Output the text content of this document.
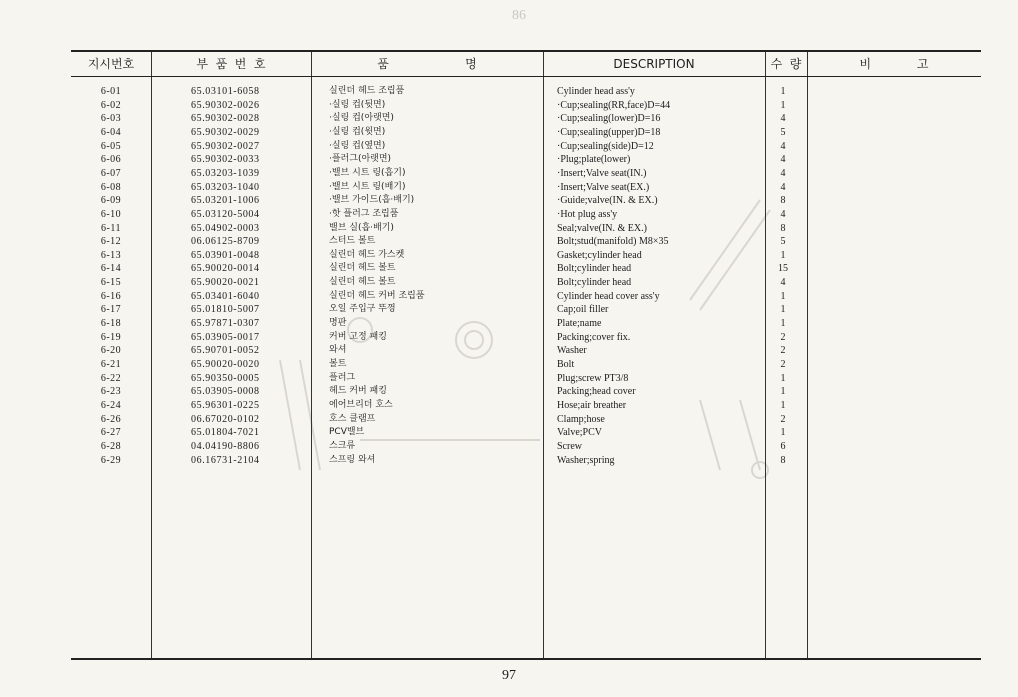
86
지시번호	부  품  번  호	품                    명	DESCRIPTION	수  량	비            고
6-01	65.03101-6058	실린더 헤드 조립품	Cylinder head ass'y	1
6-02	65.90302-0026	·실링 컵(뒷면)	·Cup;sealing(RR,face)D=44	1
6-03	65.90302-0028	·실링 컵(아랫면)	·Cup;sealing(lower)D=16	4
6-04	65.90302-0029	·실링 컵(윗면)	·Cup;sealing(upper)D=18	5
6-05	65.90302-0027	·실링 컵(옆면)	·Cup;sealing(side)D=12	4
6-06	65.90302-0033	·플러그(아랫면)	·Plug;plate(lower)	4
6-07	65.03203-1039	·밸브 시트 링(흡기)	·Insert;Valve seat(IN.)	4
6-08	65.03203-1040	·밸브 시트 링(배기)	·Insert;Valve seat(EX.)	4
6-09	65.03201-1006	·밸브 가이드(흡·배기)	·Guide;valve(IN. & EX.)	8
6-10	65.03120-5004	·핫 플러그 조립품	·Hot plug ass'y	4
6-11	65.04902-0003	밸브 실(흡·배기)	Seal;valve(IN. & EX.)	8
6-12	06.06125-8709	스터드 볼트	Bolt;stud(manifold) M8×35	5
6-13	65.03901-0048	실린더 헤드 가스켓	Gasket;cylinder head	1
6-14	65.90020-0014	실린더 헤드 볼트	Bolt;cylinder head	15
6-15	65.90020-0021	실린더 헤드 볼트	Bolt;cylinder head	4
6-16	65.03401-6040	실린더 헤드 커버 조립품	Cylinder head cover ass'y	1
6-17	65.01810-5007	오일 주입구 뚜껑	Cap;oil filler	1
6-18	65.97871-0307	명판	Plate;name	1
6-19	65.03905-0017	커버 고정 패킹	Packing;cover fix.	2
6-20	65.90701-0052	와셔	Washer	2
6-21	65.90020-0020	볼트	Bolt	2
6-22	65.90350-0005	플러그	Plug;screw PT3/8	1
6-23	65.03905-0008	헤드 커버 패킹	Packing;head cover	1
6-24	65.96301-0225	에어브리더 호스	Hose;air breather	1
6-26	06.67020-0102	호스 클램프	Clamp;hose	2
6-27	65.01804-7021	PCV밸브	Valve;PCV	1
6-28	04.04190-8806	스크류	Screw	6
6-29	06.16731-2104	스프링 와셔	Washer;spring	8
97
